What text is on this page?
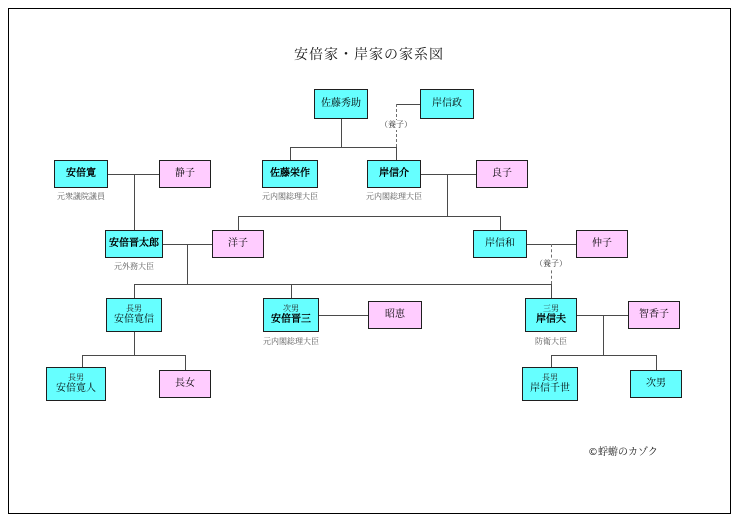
安倍家・岸家の家系図
（養子）
（養子）
佐藤秀助	岸信政
安倍寛
元衆議院議員
静子	佐藤栄作
元内閣総理大臣
岸信介
元内閣総理大臣
良子
安倍晋太郎
元外務大臣
洋子	岸信和	仲子
長男
安倍寛信
次男
安倍晋三
元内閣総理大臣
昭恵
三男
岸信夫
防衛大臣
智香子
長男
安倍寛人	長女
長男
岸信千世	次男
©蜉蝣のカゾク
